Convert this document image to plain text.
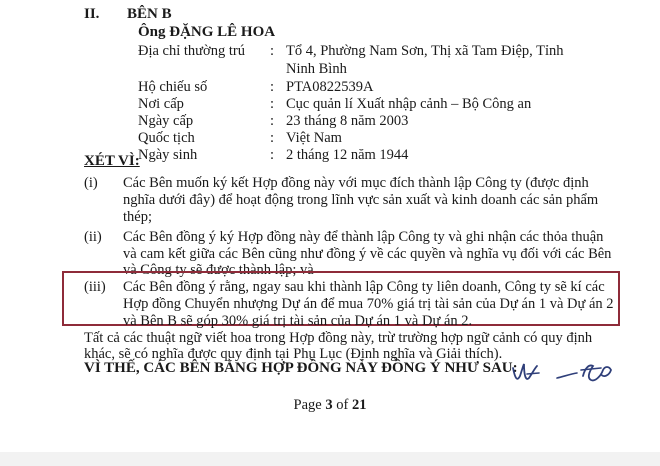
II. BÊN B
Ông ĐẶNG LÊ HOA
Địa chỉ thường trú : Tổ 4, Phường Nam Sơn, Thị xã Tam Điệp, Tỉnh
Ninh Bình
Hộ chiếu số	: PTA0822539A
Nơi cấp	: Cục quản lí Xuất nhập cảnh – Bộ Công an
Ngày cấp	: 23 tháng 8 năm 2003
Quốc tịch	: Việt Nam
Ngày sinh	: 2 tháng 12 năm 1944
XÉT VÌ:
(i) Các Bên muốn ký kết Hợp đồng này với mục đích thành lập Công ty (được định
nghĩa dưới đây) để hoạt động trong lĩnh vực sản xuất và kinh doanh các sản phẩm
thép;
(ii) Các Bên đồng ý ký Hợp đồng này để thành lập Công ty và ghi nhận các thỏa thuận
và cam kết giữa các Bên cũng như đồng ý về các quyền và nghĩa vụ đối với các Bên
và Công ty sẽ được thành lập; và
(iii) Các Bên đồng ý rằng, ngay sau khi thành lập Công ty liên doanh, Công ty sẽ kí các
Hợp đồng Chuyển nhượng Dự án để mua 70% giá trị tài sản của Dự án 1 và Dự án 2
và Bên B sẽ góp 30% giá trị tài sản của Dự án 1 và Dự án 2.
Tất cả các thuật ngữ viết hoa trong Hợp đồng này, trừ trường hợp ngữ cảnh có quy định
khác, sẽ có nghĩa được quy định tại Phụ Lục (Định nghĩa và Giải thích).
VÌ THẾ, CÁC BÊN BẰNG HỢP ĐỒNG NÀY ĐỒNG Ý NHƯ SAU:
Page 3 of 21
